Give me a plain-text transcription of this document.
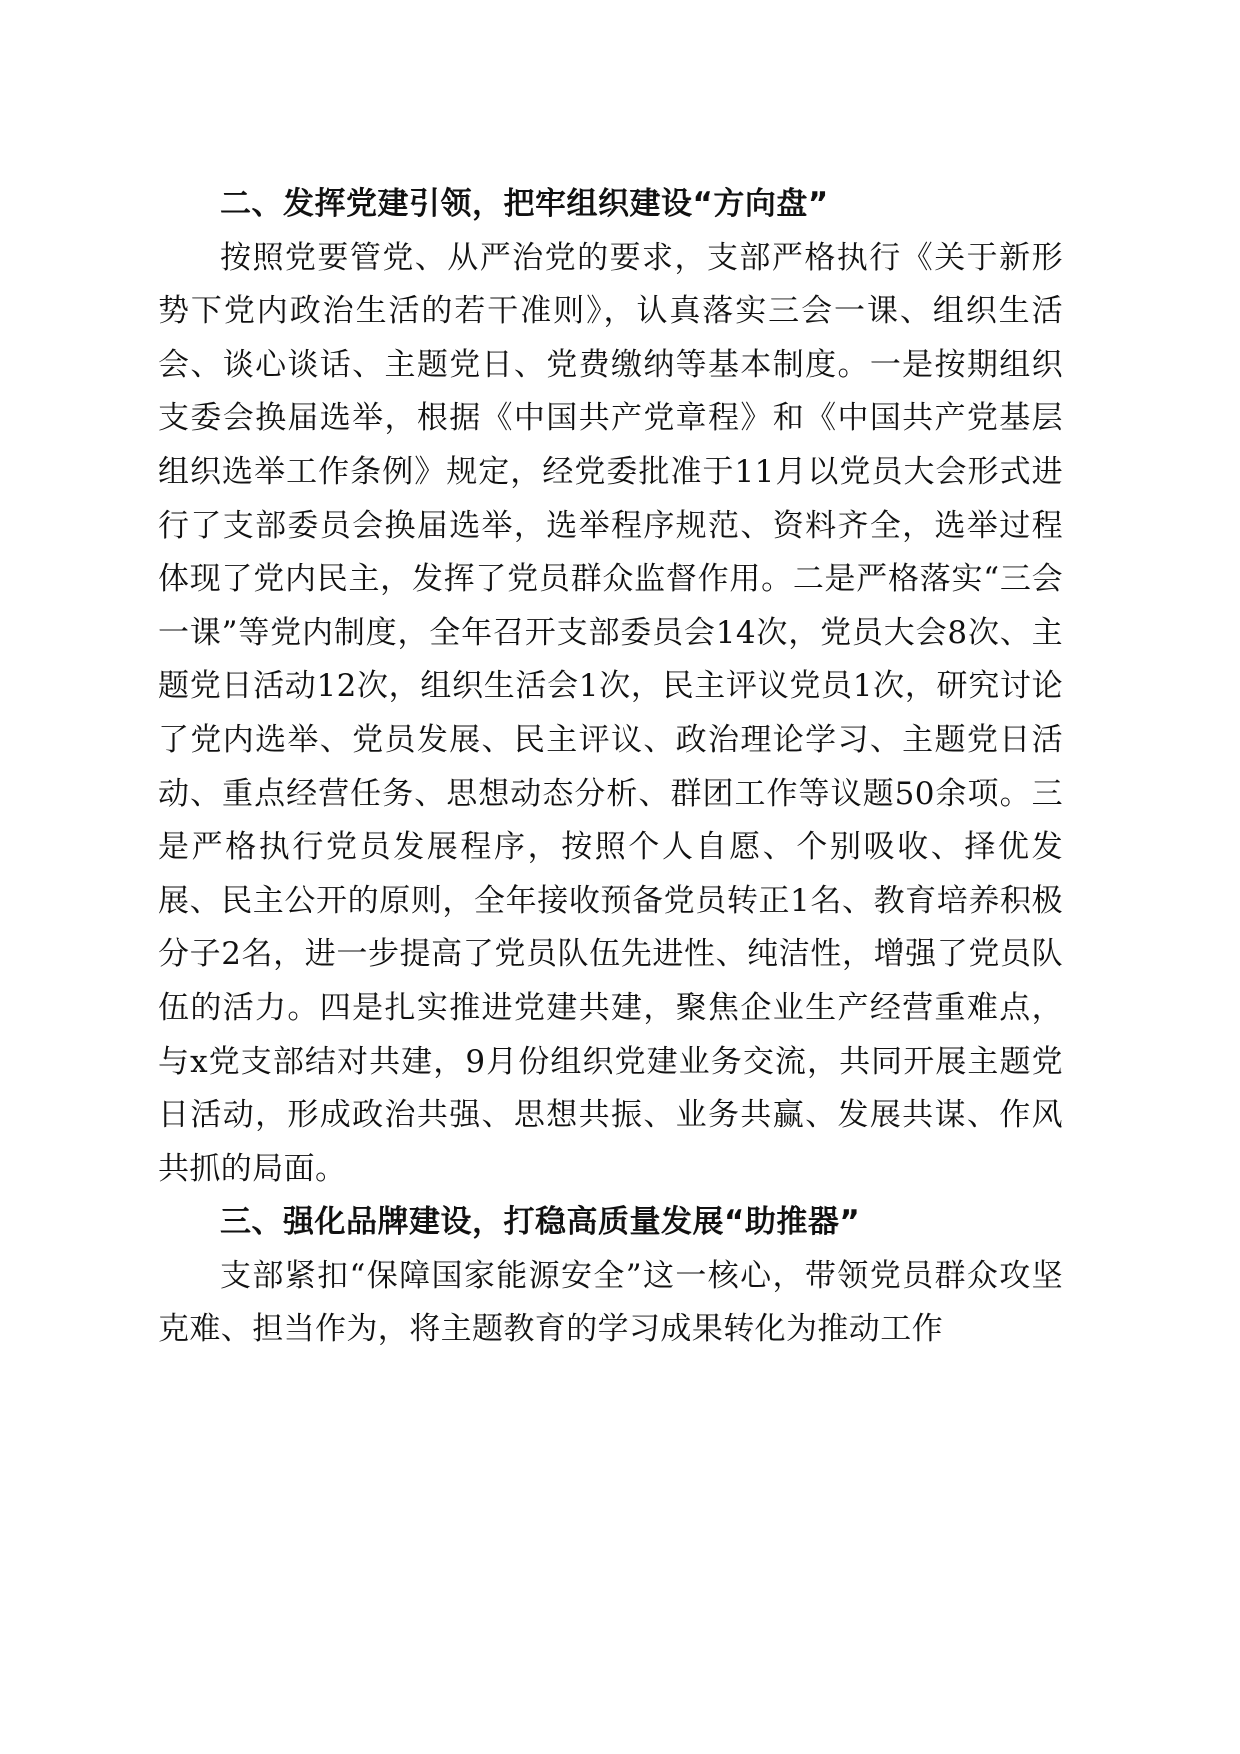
二、发挥党建引领，把牢组织建设“方向盘”

按照党要管党、从严治党的要求，支部严格执行《关于新形势下党内政治生活的若干准则》，认真落实三会一课、组织生活会、谈心谈话、主题党日、党费缴纳等基本制度。一是按期组织支委会换届选举，根据《中国共产党章程》和《中国共产党基层组织选举工作条例》规定，经党委批准于11月以党员大会形式进行了支部委员会换届选举，选举程序规范、资料齐全，选举过程体现了党内民主，发挥了党员群众监督作用。二是严格落实“三会一课”等党内制度，全年召开支部委员会14次，党员大会8次、主题党日活动12次，组织生活会1次，民主评议党员1次，研究讨论了党内选举、党员发展、民主评议、政治理论学习、主题党日活动、重点经营任务、思想动态分析、群团工作等议题50余项。三是严格执行党员发展程序，按照个人自愿、个别吸收、择优发展、民主公开的原则，全年接收预备党员转正1名、教育培养积极分子2名，进一步提高了党员队伍先进性、纯洁性，增强了党员队伍的活力。四是扎实推进党建共建，聚焦企业生产经营重难点，与x党支部结对共建，9月份组织党建业务交流，共同开展主题党日活动，形成政治共强、思想共振、业务共赢、发展共谋、作风共抓的局面。

三、强化品牌建设，打稳高质量发展“助推器”

支部紧扣“保障国家能源安全”这一核心，带领党员群众攻坚克难、担当作为，将主题教育的学习成果转化为推动工作
